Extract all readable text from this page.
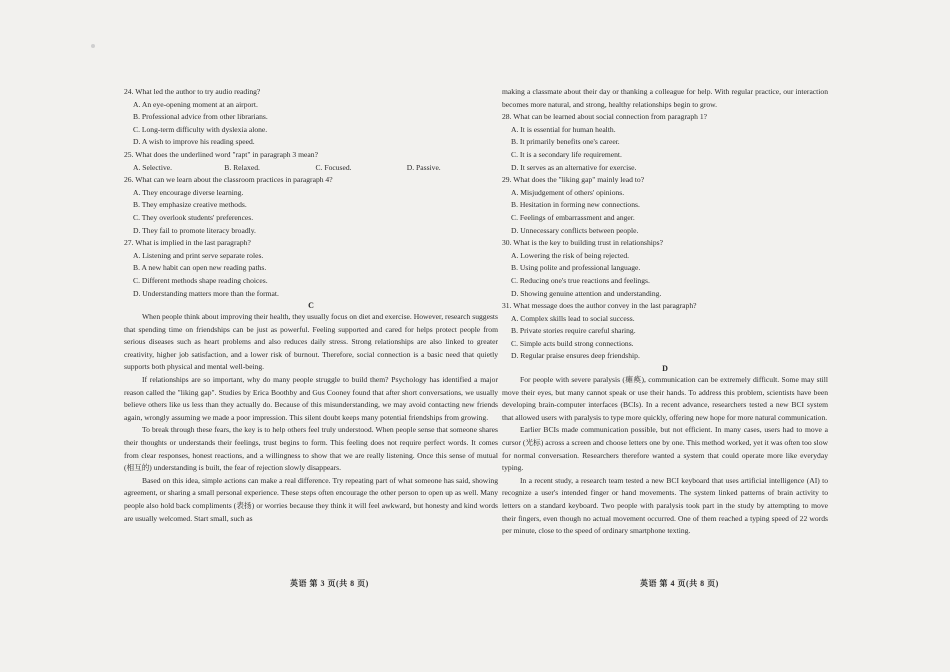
24. What led the author to try audio reading?

A. An eye-opening moment at an airport.

B. Professional advice from other librarians.

C. Long-term difficulty with dyslexia alone.

D. A wish to improve his reading speed.

25. What does the underlined word "rapt" in paragraph 3 mean?

A. Selective.	B. Relaxed.	C. Focused.	D. Passive.

26. What can we learn about the classroom practices in paragraph 4?

A. They encourage diverse learning.

B. They emphasize creative methods.

C. They overlook students' preferences.

D. They fail to promote literacy broadly.

27. What is implied in the last paragraph?

A. Listening and print serve separate roles.

B. A new habit can open new reading paths.

C. Different methods shape reading choices.

D. Understanding matters more than the format.

C

When people think about improving their health, they usually focus on diet and exercise. However, research suggests that spending time on friendships can be just as powerful. Feeling supported and cared for helps protect people from serious diseases such as heart problems and also reduces daily stress. Strong relationships are also linked to greater creativity, higher job satisfaction, and a lower risk of burnout. Therefore, social connection is a basic need that quietly supports both physical and mental well-being.

If relationships are so important, why do many people struggle to build them? Psychology has identified a major reason called the "liking gap". Studies by Erica Boothby and Gus Cooney found that after short conversations, we usually believe others like us less than they actually do. Because of this misunderstanding, we may avoid contacting new friends again, wrongly assuming we made a poor impression. This silent doubt keeps many potential friendships from growing.

To break through these fears, the key is to help others feel truly understood. When people sense that someone shares their thoughts or understands their feelings, trust begins to form. This feeling does not require perfect words. It comes from clear responses, honest reactions, and a willingness to show that we are really listening. Once this sense of mutual (相互的) understanding is built, the fear of rejection slowly disappears.

Based on this idea, simple actions can make a real difference. Try repeating part of what someone has said, showing agreement, or sharing a small personal experience. These steps often encourage the other person to open up as well. Many people also hold back compliments (表扬) or worries because they think it will feel awkward, but honesty and kind words are usually welcomed. Start small, such as

making a classmate about their day or thanking a colleague for help. With regular practice, our interaction becomes more natural, and strong, healthy relationships begin to grow.

28. What can be learned about social connection from paragraph 1?

A. It is essential for human health.

B. It primarily benefits one's career.

C. It is a secondary life requirement.

D. It serves as an alternative for exercise.

29. What does the "liking gap" mainly lead to?

A. Misjudgement of others' opinions.

B. Hesitation in forming new connections.

C. Feelings of embarrassment and anger.

D. Unnecessary conflicts between people.

30. What is the key to building trust in relationships?

A. Lowering the risk of being rejected.

B. Using polite and professional language.

C. Reducing one's true reactions and feelings.

D. Showing genuine attention and understanding.

31. What message does the author convey in the last paragraph?

A. Complex skills lead to social success.

B. Private stories require careful sharing.

C. Simple acts build strong connections.

D. Regular praise ensures deep friendship.

D

For people with severe paralysis (瘫痪), communication can be extremely difficult. Some may still move their eyes, but many cannot speak or use their hands. To address this problem, scientists have been developing brain-computer interfaces (BCIs). In a recent advance, researchers tested a new BCI system that allowed users with paralysis to type more quickly, offering new hope for more natural communication.

Earlier BCIs made communication possible, but not efficient. In many cases, users had to move a cursor (光标) across a screen and choose letters one by one. This method worked, yet it was often too slow for normal conversation. Researchers therefore wanted a system that could operate more like everyday typing.

In a recent study, a research team tested a new BCI keyboard that uses artificial intelligence (AI) to recognize a user's intended finger or hand movements. The system linked patterns of brain activity to letters on a standard keyboard. Two people with paralysis took part in the study by attempting to move their fingers, even though no actual movement occurred. One of them reached a typing speed of 22 words per minute, close to the speed of ordinary smartphone texting.

英语 第 3 页(共 8 页)	英语 第 4 页(共 8 页)
